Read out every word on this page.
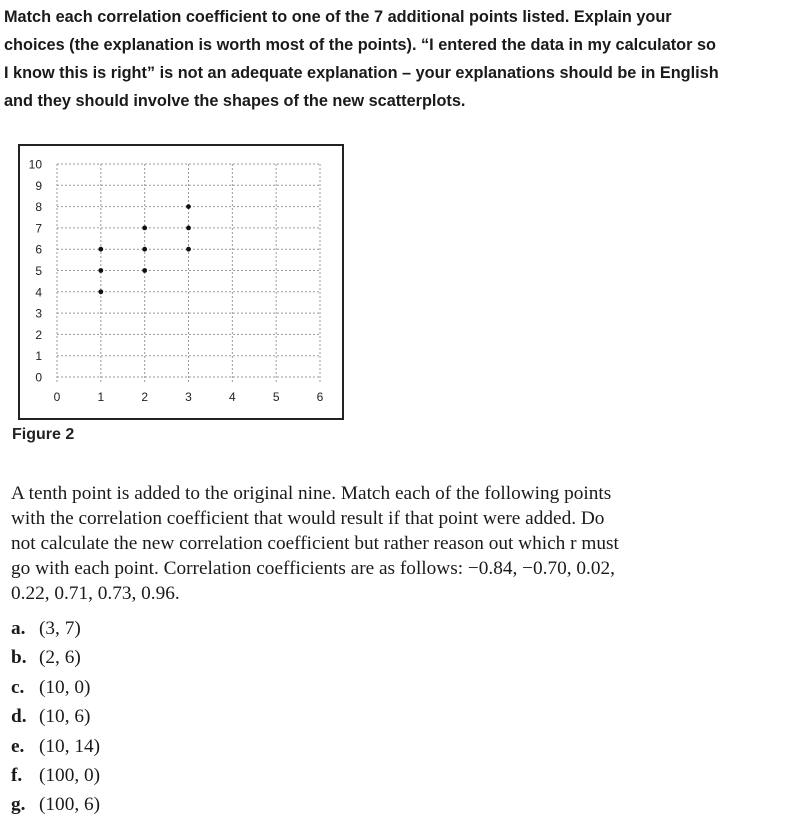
Match each correlation coefficient to one of the 7 additional points listed. Explain your
choices (the explanation is worth most of the points). “I entered the data in my calculator so
I know this is right” is not an adequate explanation – your explanations should be in English
and they should involve the shapes of the new scatterplots.
0
1
2
3
4
5
6
7
8
9
10
0	1	2	3	4	5	6
Figure 2
A tenth point is added to the original nine. Match each of the following points
with the correlation coefficient that would result if that point were added. Do
not calculate the new correlation coefficient but rather reason out which r must
go with each point. Correlation coefficients are as follows: −0.84, −0.70, 0.02,
0.22, 0.71, 0.73, 0.96.
a. (3, 7)
b. (2, 6)
c. (10, 0)
d. (10, 6)
e. (10, 14)
f. (100, 0)
g. (100, 6)
